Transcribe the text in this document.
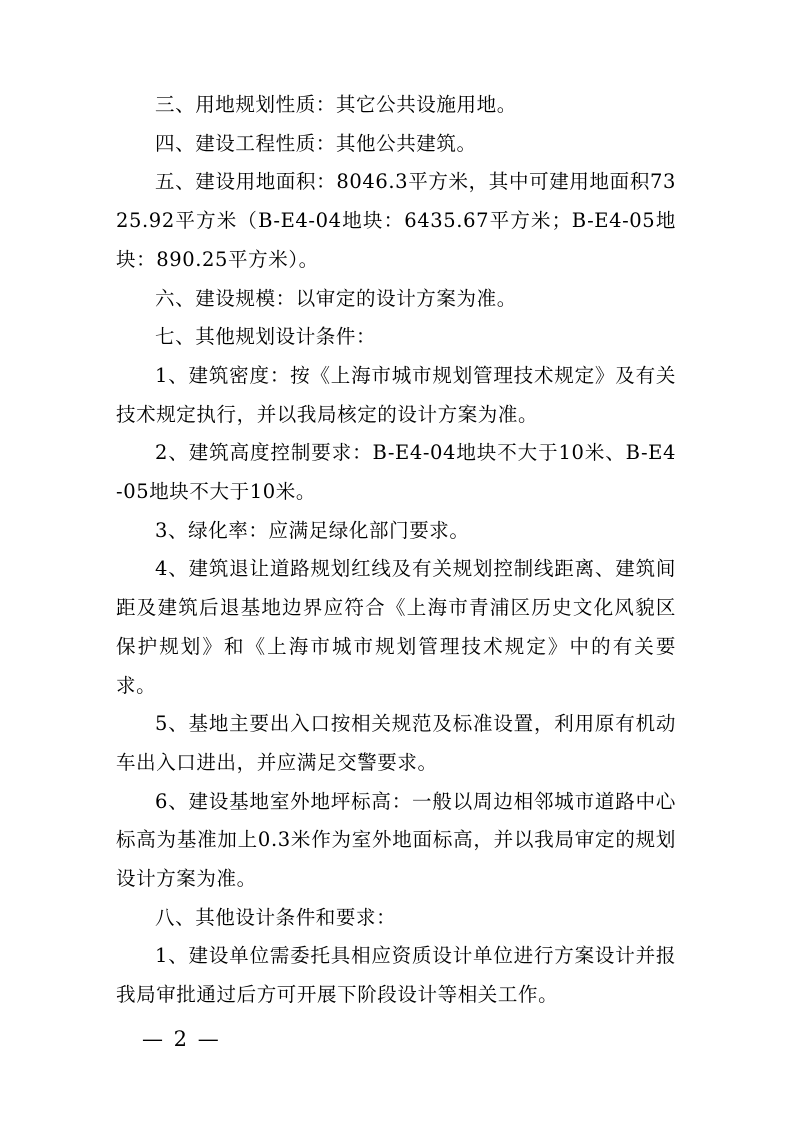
三、用地规划性质：其它公共设施用地。

四、建设工程性质：其他公共建筑。

五、建设用地面积：8046.3平方米，其中可建用地面积7325.92平方米（B-E4-04地块：6435.67平方米；B-E4-05地块：890.25平方米）。

六、建设规模：以审定的设计方案为准。

七、其他规划设计条件：

1、建筑密度：按《上海市城市规划管理技术规定》及有关技术规定执行，并以我局核定的设计方案为准。

2、建筑高度控制要求：B-E4-04地块不大于10米、B-E4-05地块不大于10米。

3、绿化率：应满足绿化部门要求。

4、建筑退让道路规划红线及有关规划控制线距离、建筑间距及建筑后退基地边界应符合《上海市青浦区历史文化风貌区保护规划》和《上海市城市规划管理技术规定》中的有关要求。

5、基地主要出入口按相关规范及标准设置，利用原有机动车出入口进出，并应满足交警要求。

6、建设基地室外地坪标高：一般以周边相邻城市道路中心标高为基准加上0.3米作为室外地面标高，并以我局审定的规划设计方案为准。

八、其他设计条件和要求：

1、建设单位需委托具相应资质设计单位进行方案设计并报我局审批通过后方可开展下阶段设计等相关工作。

— 2 —
